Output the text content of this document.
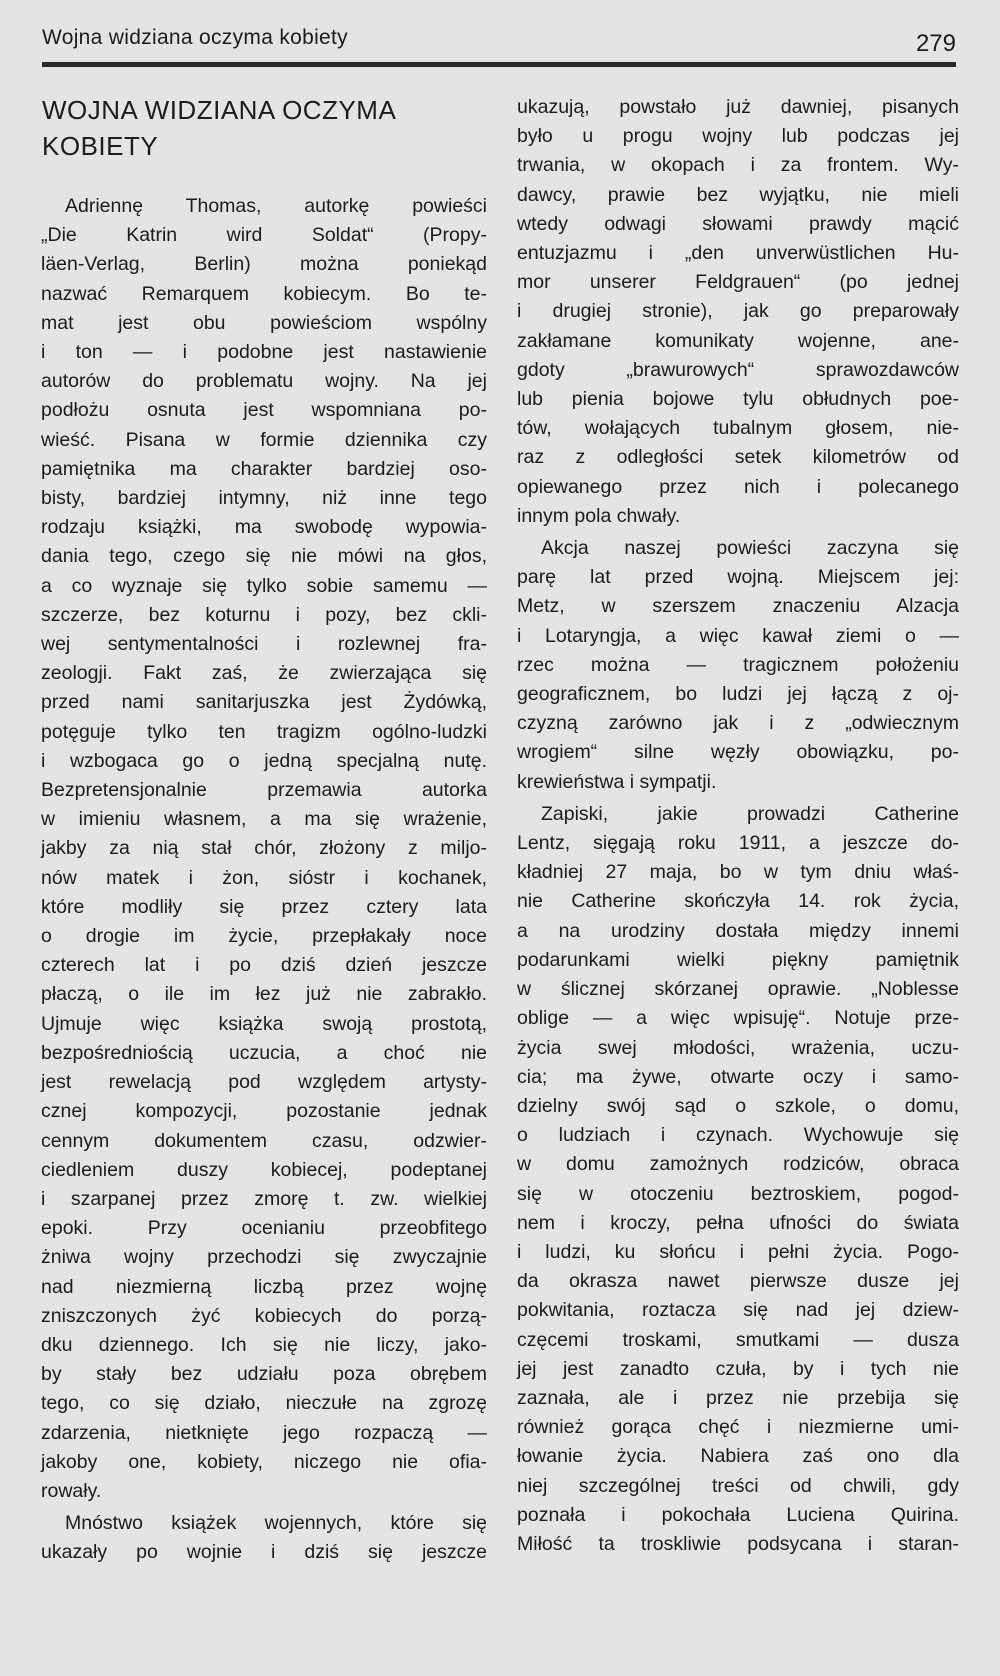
Wojna widziana oczyma kobiety	279
WOJNA WIDZIANA OCZYMA
KOBIETY
Adriennę Thomas, autorkę powieści
„Die Katrin wird Soldat“ (Propy-
läen-Verlag, Berlin) można poniekąd
nazwać Remarquem kobiecym. Bo te-
mat jest obu powieściom wspólny
i ton — i podobne jest nastawienie
autorów do problematu wojny. Na jej
podłożu osnuta jest wspomniana po-
wieść. Pisana w formie dziennika czy
pamiętnika ma charakter bardziej oso-
bisty, bardziej intymny, niż inne tego
rodzaju książki, ma swobodę wypowia-
dania tego, czego się nie mówi na głos,
a co wyznaje się tylko sobie samemu —
szczerze, bez koturnu i pozy, bez ckli-
wej sentymentalności i rozlewnej fra-
zeologji. Fakt zaś, że zwierzająca się
przed nami sanitarjuszka jest Żydówką,
potęguje tylko ten tragizm ogólno-ludzki
i wzbogaca go o jedną specjalną nutę.
Bezpretensjonalnie przemawia autorka
w imieniu własnem, a ma się wrażenie,
jakby za nią stał chór, złożony z miljo-
nów matek i żon, sióstr i kochanek,
które modliły się przez cztery lata
o drogie im życie, przepłakały noce
czterech lat i po dziś dzień jeszcze
płaczą, o ile im łez już nie zabrakło.
Ujmuje więc książka swoją prostotą,
bezpośredniością uczucia, a choć nie
jest rewelacją pod względem artysty-
cznej kompozycji, pozostanie jednak
cennym dokumentem czasu, odzwier-
ciedleniem duszy kobiecej, podeptanej
i szarpanej przez zmorę t. zw. wielkiej
epoki. Przy ocenianiu przeobfitego
żniwa wojny przechodzi się zwyczajnie
nad niezmierną liczbą przez wojnę
zniszczonych żyć kobiecych do porzą-
dku dziennego. Ich się nie liczy, jako-
by stały bez udziału poza obrębem
tego, co się działo, nieczułe na zgrozę
zdarzenia, nietknięte jego rozpaczą —
jakoby one, kobiety, niczego nie ofia-
rowały.
Mnóstwo książek wojennych, które się
ukazały po wojnie i dziś się jeszcze
ukazują, powstało już dawniej, pisanych
było u progu wojny lub podczas jej
trwania, w okopach i za frontem. Wy-
dawcy, prawie bez wyjątku, nie mieli
wtedy odwagi słowami prawdy mącić
entuzjazmu i „den unverwüstlichen Hu-
mor unserer Feldgrauen“ (po jednej
i drugiej stronie), jak go preparowały
zakłamane komunikaty wojenne, ane-
gdoty „brawurowych“ sprawozdawców
lub pienia bojowe tylu obłudnych poe-
tów, wołających tubalnym głosem, nie-
raz z odległości setek kilometrów od
opiewanego przez nich i polecanego
innym pola chwały.
Akcja naszej powieści zaczyna się
parę lat przed wojną. Miejscem jej:
Metz, w szerszem znaczeniu Alzacja
i Lotaryngja, a więc kawał ziemi o —
rzec można — tragicznem położeniu
geograficznem, bo ludzi jej łączą z oj-
czyzną zarówno jak i z „odwiecznym
wrogiem“ silne węzły obowiązku, po-
krewieństwa i sympatji.
Zapiski, jakie prowadzi Catherine
Lentz, sięgają roku 1911, a jeszcze do-
kładniej 27 maja, bo w tym dniu właś-
nie Catherine skończyła 14. rok życia,
a na urodziny dostała między innemi
podarunkami wielki piękny pamiętnik
w ślicznej skórzanej oprawie. „Noblesse
oblige — a więc wpisuję“. Notuje prze-
życia swej młodości, wrażenia, uczu-
cia; ma żywe, otwarte oczy i samo-
dzielny swój sąd o szkole, o domu,
o ludziach i czynach. Wychowuje się
w domu zamożnych rodziców, obraca
się w otoczeniu beztroskiem, pogod-
nem i kroczy, pełna ufności do świata
i ludzi, ku słońcu i pełni życia. Pogo-
da okrasza nawet pierwsze dusze jej
pokwitania, roztacza się nad jej dziew-
częcemi troskami, smutkami — dusza
jej jest zanadto czuła, by i tych nie
zaznała, ale i przez nie przebija się
również gorąca chęć i niezmierne umi-
łowanie życia. Nabiera zaś ono dla
niej szczególnej treści od chwili, gdy
poznała i pokochała Luciena Quirina.
Miłość ta troskliwie podsycana i staran-
